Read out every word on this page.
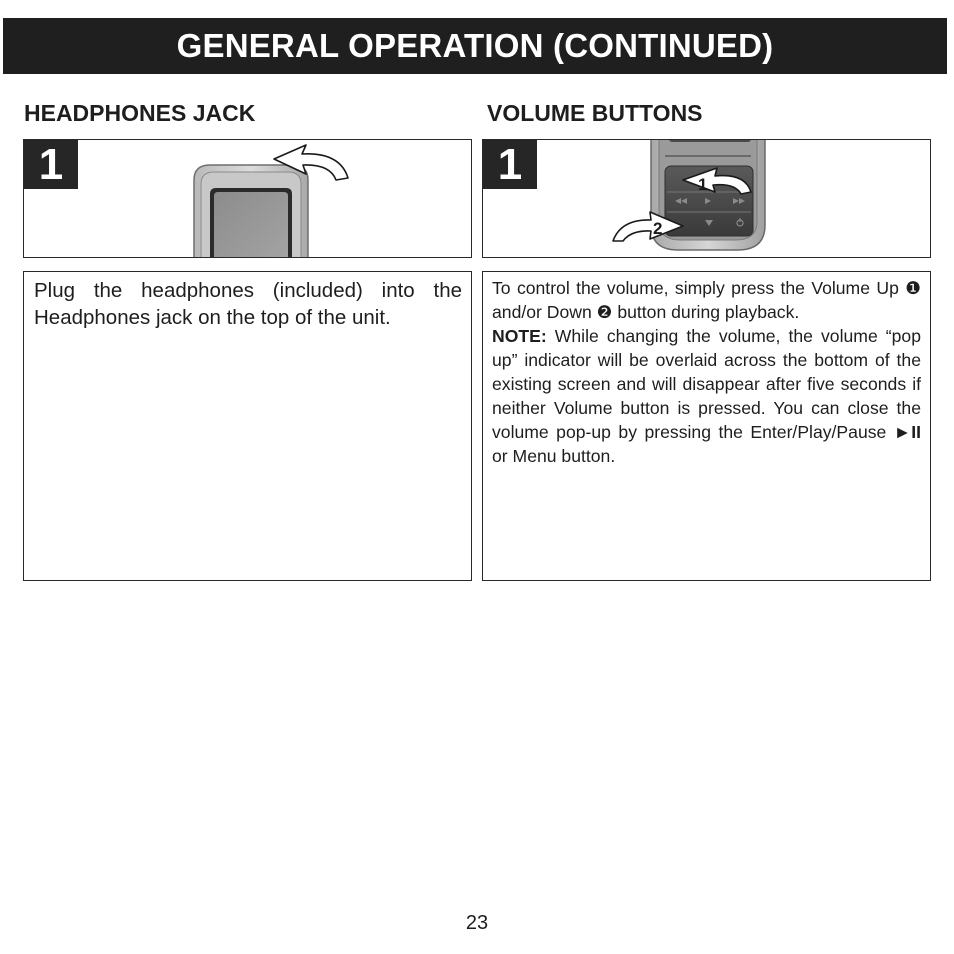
GENERAL OPERATION (CONTINUED)
HEADPHONES JACK	VOLUME BUTTONS
1	1	1
2

Plug the headphones (included) into the Headphones jack on the top of the unit.

To control the volume, simply press the Volume Up ❶ and/or Down ❷ button during playback.
NOTE: While changing the volume, the volume “pop up” indicator will be overlaid across the bottom of the existing screen and will disappear after five seconds if neither Volume button is pressed. You can close the volume pop-up by pressing the Enter/Play/Pause ►II or Menu button.

23
